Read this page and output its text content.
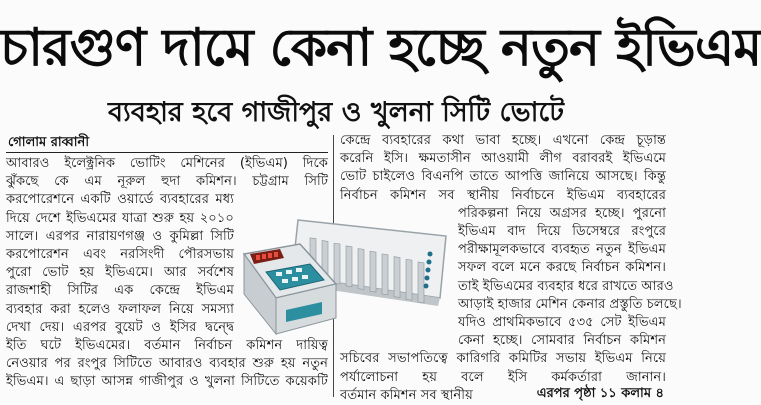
চারগুণ দামে কেনা হচ্ছে নতুন ইভিএম
ব্যবহার হবে গাজীপুর ও খুলনা সিটি ভোটে
গোলাম রাব্বানী
আবারও ইলেক্ট্রনিক ভোটিং মেশিনের (ইভিএম) দিকে
ঝুঁকছে কে এম নূরুল হুদা কমিশন। চট্টগ্রাম সিটি
করপোরেশনে একটি ওয়ার্ডে ব্যবহারের মধ্য
দিয়ে দেশে ইভিএমের যাত্রা শুরু হয় ২০১০
সালে। এরপর নারায়ণগঞ্জ ও কুমিল্লা সিটি
করপোরেশন এবং নরসিংদী পৌরসভায়
পুরো ভোট হয় ইভিএমে। আর সর্বশেষ
রাজশাহী সিটির এক কেন্দ্রে ইভিএম
ব্যবহার করা হলেও ফলাফল নিয়ে সমস্যা
দেখা দেয়। এরপর বুয়েট ও ইসির দ্বন্দ্বে
ইতি ঘটে ইভিএমের। বর্তমান নির্বাচন কমিশন দায়িত্ব
নেওয়ার পর রংপুর সিটিতে আবারও ব্যবহার শুরু হয় নতুন
ইভিএম। এ ছাড়া আসন্ন গাজীপুর ও খুলনা সিটিতে কয়েকটি
কেন্দ্রে ব্যবহারের কথা ভাবা হচ্ছে। এখনো কেন্দ্র চূড়ান্ত
করেনি ইসি। ক্ষমতাসীন আওয়ামী লীগ বরাবরই ইভিএমে
ভোট চাইলেও বিএনপি তাতে আপত্তি জানিয়ে আসছে। কিন্তু
নির্বাচন কমিশন সব স্থানীয় নির্বাচনে ইভিএম ব্যবহারের
পরিকল্পনা নিয়ে অগ্রসর হচ্ছে। পুরনো
ইভিএম বাদ দিয়ে ডিসেম্বরে রংপুরে
পরীক্ষামূলকভাবে ব্যবহৃত নতুন ইভিএম
সফল বলে মনে করছে নির্বাচন কমিশন।
তাই ইভিএমের ব্যবহার ধরে রাখতে আরও
আড়াই হাজার মেশিন কেনার প্রস্তুতি চলছে।
যদিও প্রাথমিকভাবে ৫৩৫ সেট ইভিএম
কেনা হচ্ছে। সোমবার নির্বাচন কমিশন
সচিবের সভাপতিত্বে কারিগরি কমিটির সভায় ইভিএম নিয়ে
পর্যালোচনা হয় বলে ইসি কর্মকর্তারা জানান।
বর্তমান কমিশন সব স্থানীয়	এরপর পৃষ্ঠা ১১ কলাম ৪
